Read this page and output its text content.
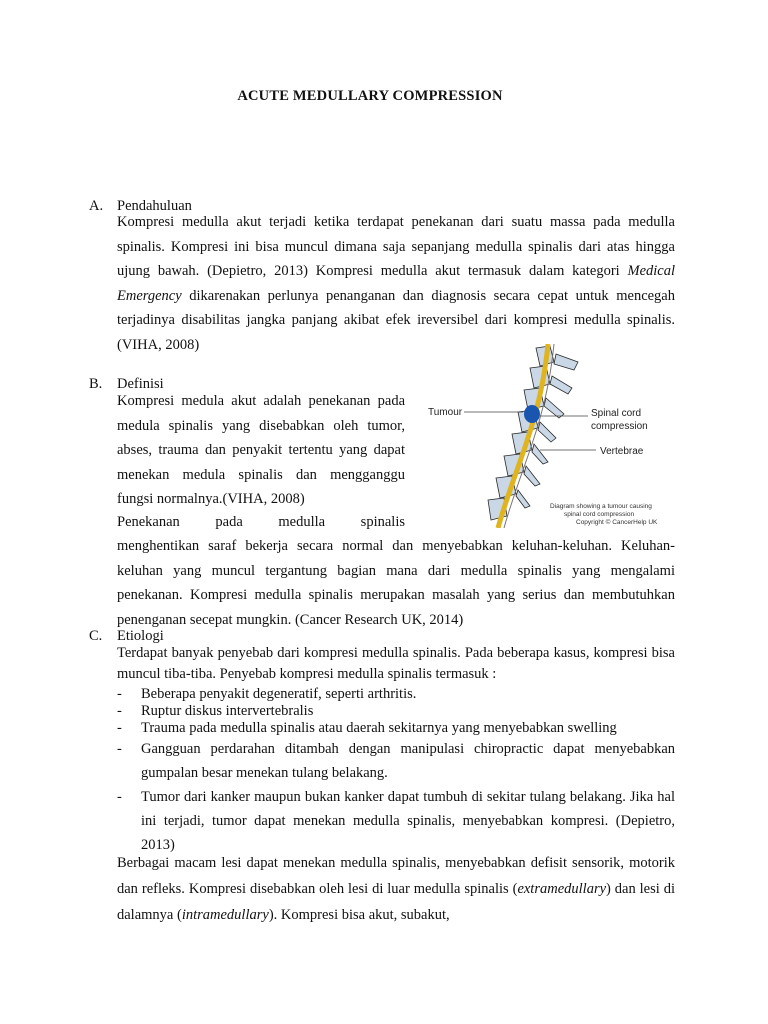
ACUTE MEDULLARY COMPRESSION
A. Pendahuluan
Kompresi medulla akut terjadi ketika terdapat penekanan dari suatu massa pada medulla spinalis. Kompresi ini bisa muncul dimana saja sepanjang medulla spinalis dari atas hingga ujung bawah. (Depietro, 2013) Kompresi medulla akut termasuk dalam kategori Medical Emergency dikarenakan perlunya penanganan dan diagnosis secara cepat untuk mencegah terjadinya disabilitas jangka panjang akibat efek ireversibel dari kompresi medulla spinalis.(VIHA, 2008)
B. Definisi
Kompresi medula akut adalah penekanan pada medula spinalis yang disebabkan oleh tumor, abses, trauma dan penyakit tertentu yang dapat menekan medula spinalis dan mengganggu fungsi normalnya.(VIHA, 2008)
Penekanan pada medulla spinalis
menghentikan saraf bekerja secara normal dan menyebabkan keluhan-keluhan. Keluhan-keluhan yang muncul tergantung bagian mana dari medulla spinalis yang mengalami penekanan. Kompresi medulla spinalis merupakan masalah yang serius dan membutuhkan penenganan secepat mungkin. (Cancer Research UK, 2014)
Tumour	Spinal cord
compression
Vertebrae
Diagram showing a tumour causing
spinal cord compression
Copyright © CancerHelp UK
C. Etiologi
Terdapat banyak penyebab dari kompresi medulla spinalis. Pada beberapa kasus, kompresi bisa muncul tiba-tiba. Penyebab kompresi medulla spinalis termasuk :
- Beberapa penyakit degeneratif, seperti arthritis.
- Ruptur diskus intervertebralis
- Trauma pada medulla spinalis atau daerah sekitarnya yang menyebabkan swelling
- Gangguan perdarahan ditambah dengan manipulasi chiropractic dapat menyebabkan gumpalan besar menekan tulang belakang.
- Tumor dari kanker maupun bukan kanker dapat tumbuh di sekitar tulang belakang. Jika hal ini terjadi, tumor dapat menekan medulla spinalis, menyebabkan kompresi. (Depietro, 2013)
Berbagai macam lesi dapat menekan medulla spinalis, menyebabkan defisit sensorik, motorik dan refleks. Kompresi disebabkan oleh lesi di luar medulla spinalis (extramedullary) dan lesi di dalamnya (intramedullary). Kompresi bisa akut, subakut,
